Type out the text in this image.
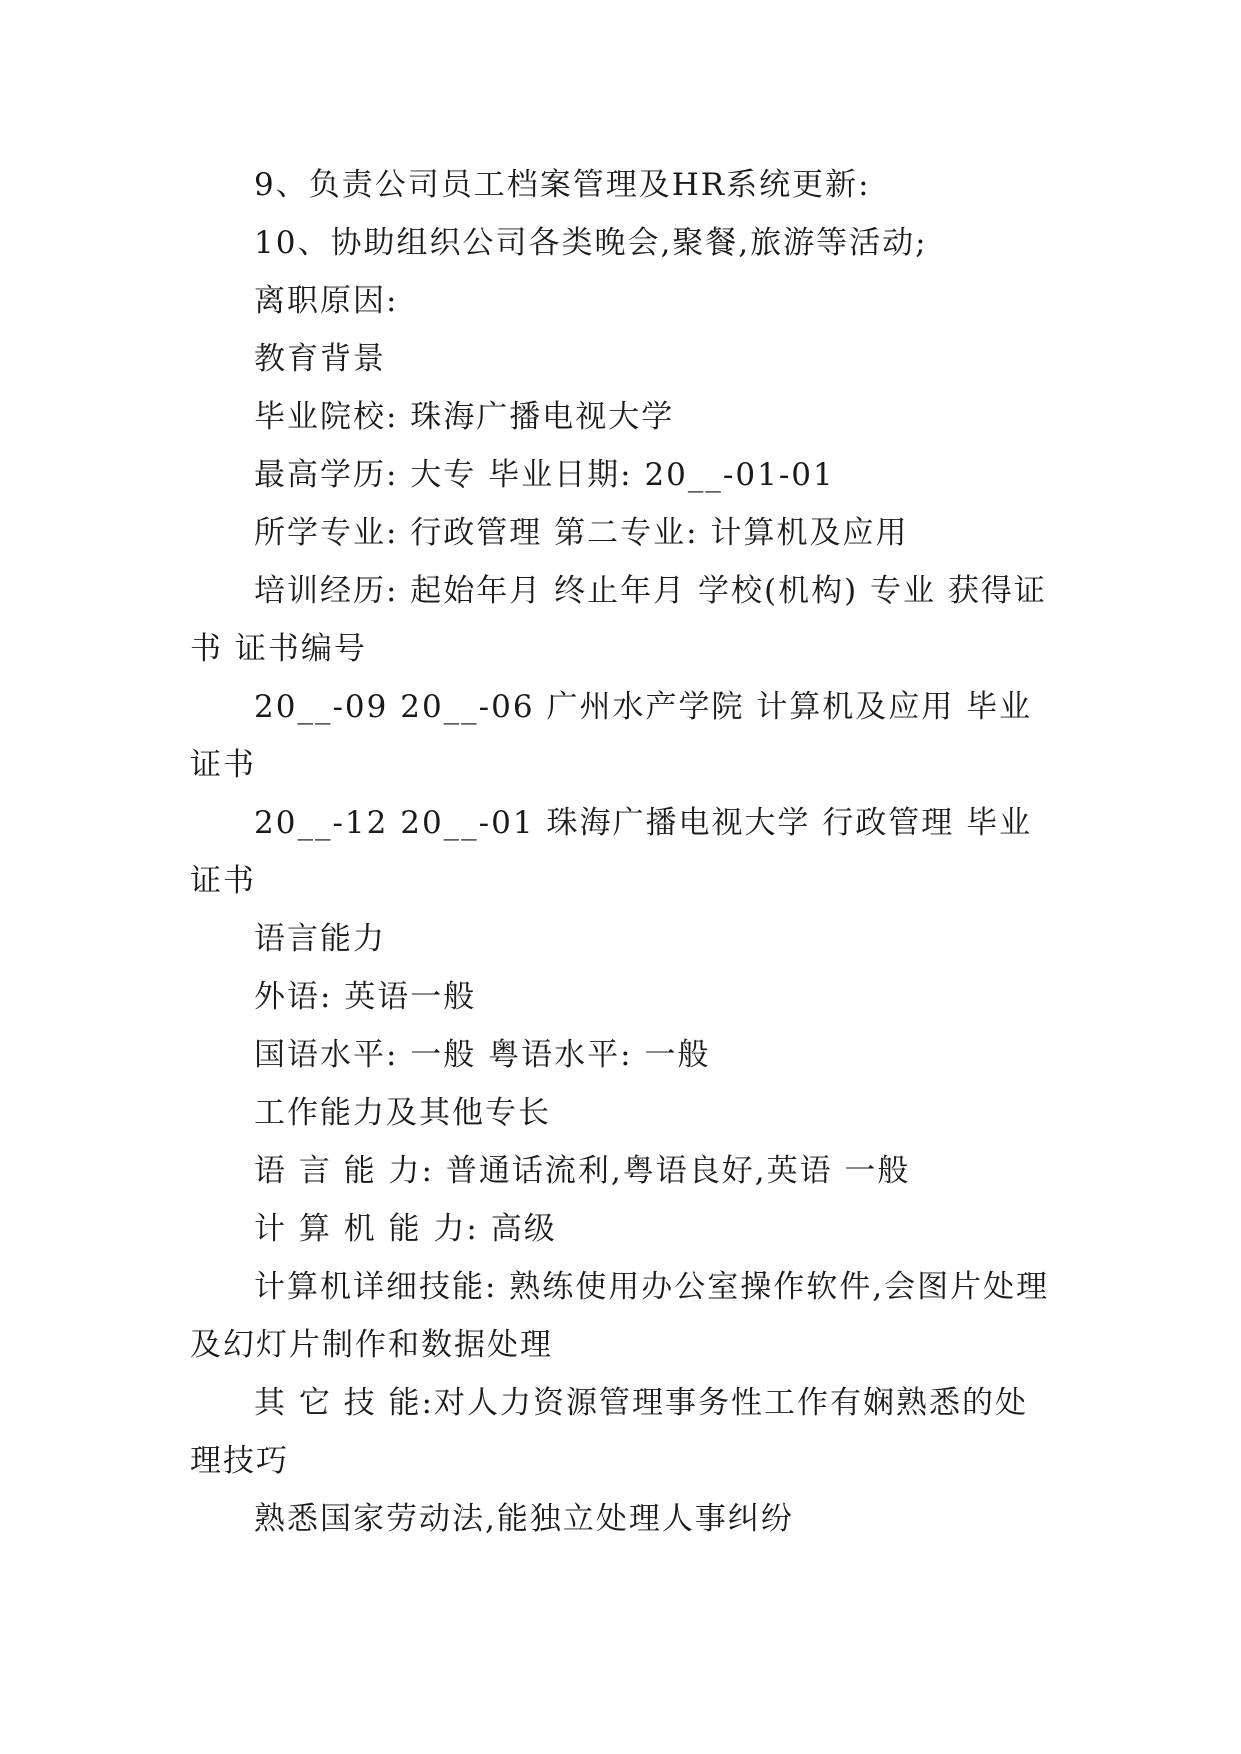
9、负责公司员工档案管理及HR系统更新:

10、协助组织公司各类晚会,聚餐,旅游等活动;

离职原因:

教育背景

毕业院校: 珠海广播电视大学

最高学历: 大专 毕业日期: 20__-01-01

所学专业: 行政管理 第二专业: 计算机及应用

培训经历: 起始年月 终止年月 学校(机构) 专业 获得证书 证书编号

20__-09 20__-06 广州水产学院 计算机及应用 毕业证书

20__-12 20__-01 珠海广播电视大学 行政管理 毕业证书

语言能力

外语: 英语一般

国语水平: 一般 粤语水平: 一般

工作能力及其他专长

语 言 能 力: 普通话流利,粤语良好,英语 一般

计 算 机 能 力: 高级

计算机详细技能: 熟练使用办公室操作软件,会图片处理及幻灯片制作和数据处理

其 它 技 能:对人力资源管理事务性工作有娴熟悉的处理技巧

熟悉国家劳动法,能独立处理人事纠纷
